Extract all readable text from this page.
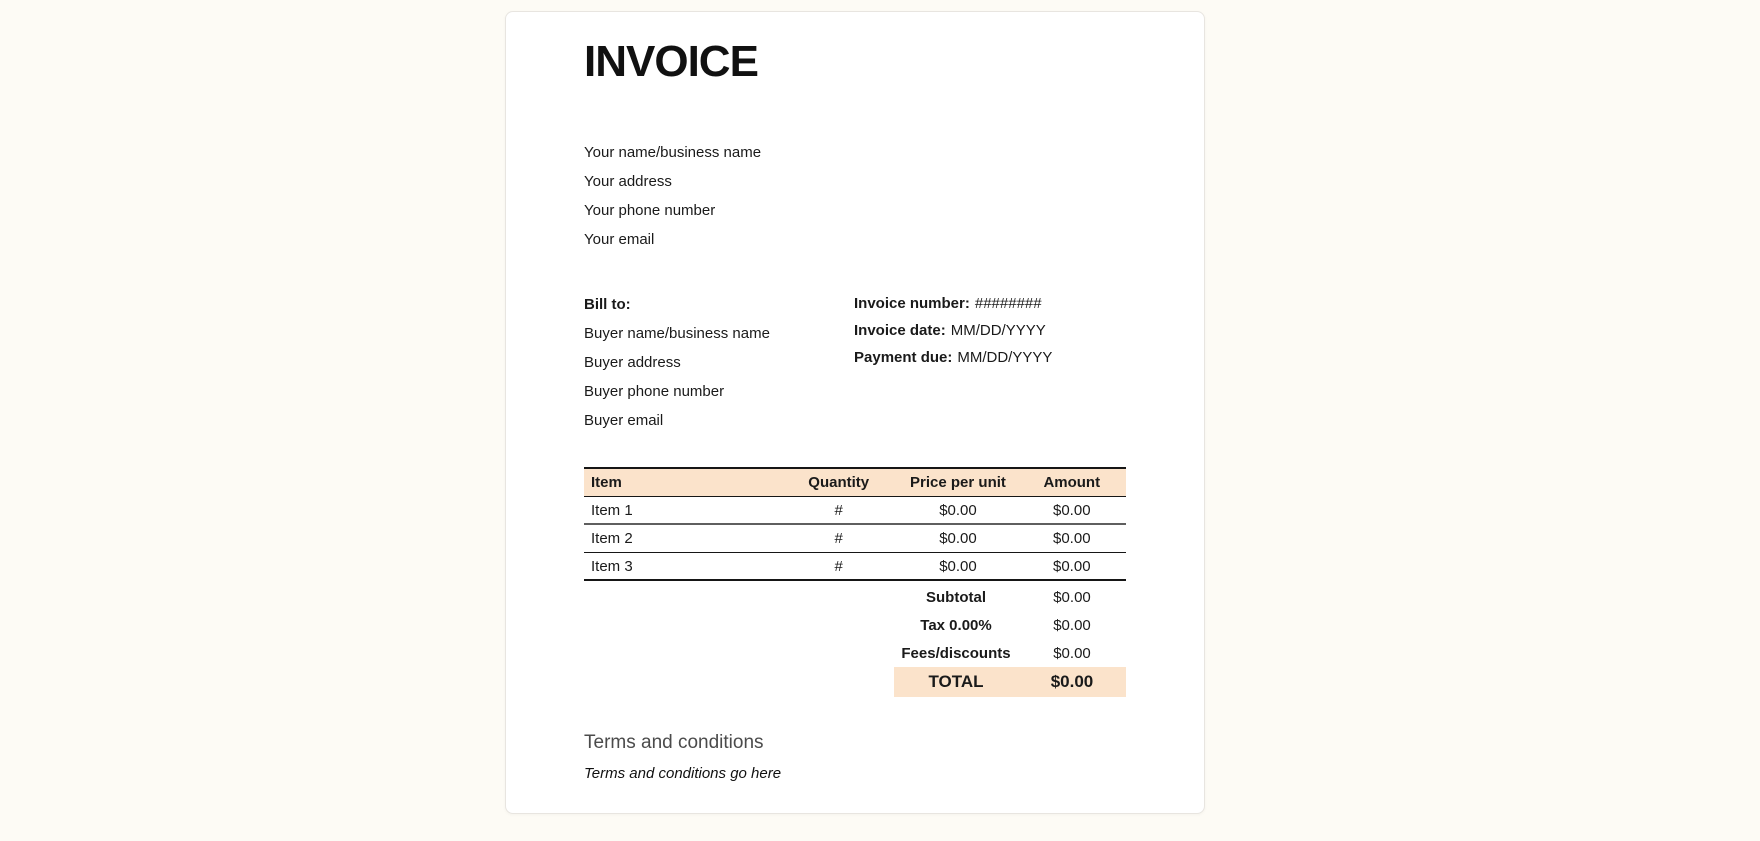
INVOICE
Your name/business name
Your address
Your phone number
Your email
Bill to:
Buyer name/business name
Buyer address
Buyer phone number
Buyer email
Invoice number: ########
Invoice date: MM/DD/YYYY
Payment due: MM/DD/YYYY
Item	Quantity	Price per unit	Amount
Item 1	#	$0.00	$0.00
Item 2	#	$0.00	$0.00
Item 3	#	$0.00	$0.00
Subtotal	$0.00
Tax 0.00%	$0.00
Fees/discounts	$0.00
TOTAL	$0.00
Terms and conditions
Terms and conditions go here
